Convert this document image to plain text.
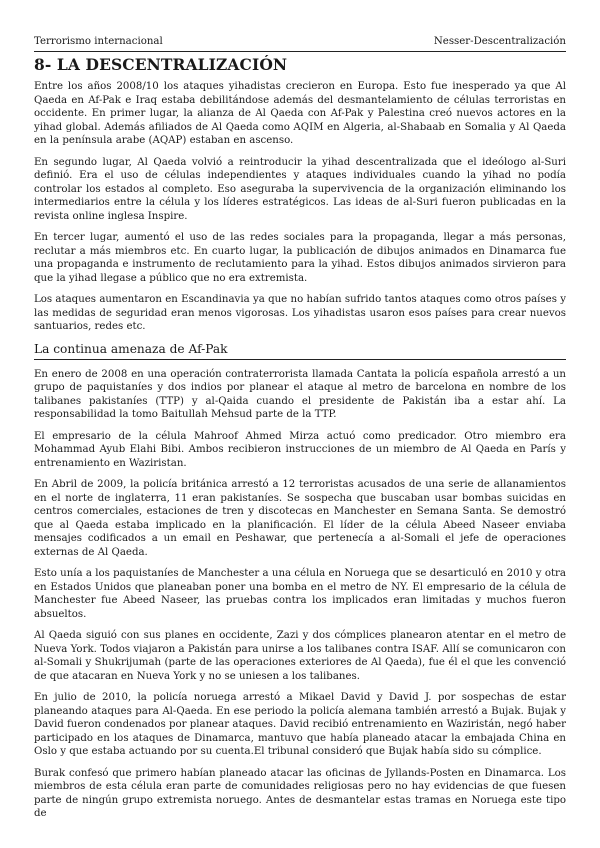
Terrorismo internacional	Nesser-Descentralización
8- LA DESCENTRALIZACIÓN

Entre los años 2008/10 los ataques yihadistas crecieron en Europa. Esto fue inesperado ya que Al Qaeda en Af-Pak e Iraq estaba debilitándose además del desmantelamiento de células terroristas en occidente. En primer lugar, la alianza de Al Qaeda con Af-Pak y Palestina creó nuevos actores en la yihad global. Además afiliados de Al Qaeda como AQIM en Algeria, al-Shabaab en Somalia y Al Qaeda en la península arabe (AQAP) estaban en ascenso.

En segundo lugar, Al Qaeda volvió a reintroducir la yihad descentralizada que el ideólogo al-Suri definió. Era el uso de células independientes y ataques individuales cuando la yihad no podía controlar los estados al completo. Eso aseguraba la supervivencia de la organización eliminando los intermediarios entre la célula y los líderes estratégicos. Las ideas de al-Suri fueron publicadas en la revista online inglesa Inspire.

En tercer lugar, aumentó el uso de las redes sociales para la propaganda, llegar a más personas, reclutar a más miembros etc. En cuarto lugar, la publicación de dibujos animados en Dinamarca fue una propaganda e instrumento de reclutamiento para la yihad. Estos dibujos animados sirvieron para que la yihad llegase a público que no era extremista.

Los ataques aumentaron en Escandinavia ya que no habían sufrido tantos ataques como otros países y las medidas de seguridad eran menos vigorosas. Los yihadistas usaron esos países para crear nuevos santuarios, redes etc.

La continua amenaza de Af-Pak

En enero de 2008 en una operación contraterrorista llamada Cantata la policía española arrestó a un grupo de paquistaníes y dos indios por planear el ataque al metro de barcelona en nombre de los talibanes pakistaníes (TTP) y al-Qaida cuando el presidente de Pakistán iba a estar ahí. La responsabilidad la tomo Baitullah Mehsud parte de la TTP.

El empresario de la célula Mahroof Ahmed Mirza actuó como predicador. Otro miembro era Mohammad Ayub Elahi Bibi. Ambos recibieron instrucciones de un miembro de Al Qaeda en París y entrenamiento en Waziristan.

En Abril de 2009, la policía británica arrestó a 12 terroristas acusados de una serie de allanamientos en el norte de inglaterra, 11 eran pakistaníes. Se sospecha que buscaban usar bombas suicidas en centros comerciales, estaciones de tren y discotecas en Manchester en Semana Santa. Se demostró que al Qaeda estaba implicado en la planificación. El líder de la célula Abeed Naseer enviaba mensajes codificados a un email en Peshawar, que pertenecía a al-Somali el jefe de operaciones externas de Al Qaeda.

Esto unía a los paquistaníes de Manchester a una célula en Noruega que se desarticuló en 2010 y otra en Estados Unidos que planeaban poner una bomba en el metro de NY. El empresario de la célula de Manchester fue Abeed Naseer, las pruebas contra los implicados eran limitadas y muchos fueron absueltos.

Al Qaeda siguió con sus planes en occidente, Zazi y dos cómplices planearon atentar en el metro de Nueva York. Todos viajaron a Pakistán para unirse a los talibanes contra ISAF. Allí se comunicaron con al-Somali y Shukrijumah (parte de las operaciones exteriores de Al Qaeda), fue él el que les convenció de que atacaran en Nueva York y no se uniesen a los talibanes.

En julio de 2010, la policía noruega arrestó a Mikael David y David J. por sospechas de estar planeando ataques para Al-Qaeda. En ese periodo la policía alemana también arrestó a Bujak. Bujak y David fueron condenados por planear ataques. David recibió entrenamiento en Waziristán, negó haber participado en los ataques de Dinamarca, mantuvo que había planeado atacar la embajada China en Oslo y que estaba actuando por su cuenta.El tribunal consideró que Bujak había sido su cómplice.

Burak confesó que primero habían planeado atacar las oficinas de Jyllands-Posten en Dinamarca. Los miembros de esta célula eran parte de comunidades religiosas pero no hay evidencias de que fuesen parte de ningún grupo extremista noruego. Antes de desmantelar estas tramas en Noruega este tipo de
